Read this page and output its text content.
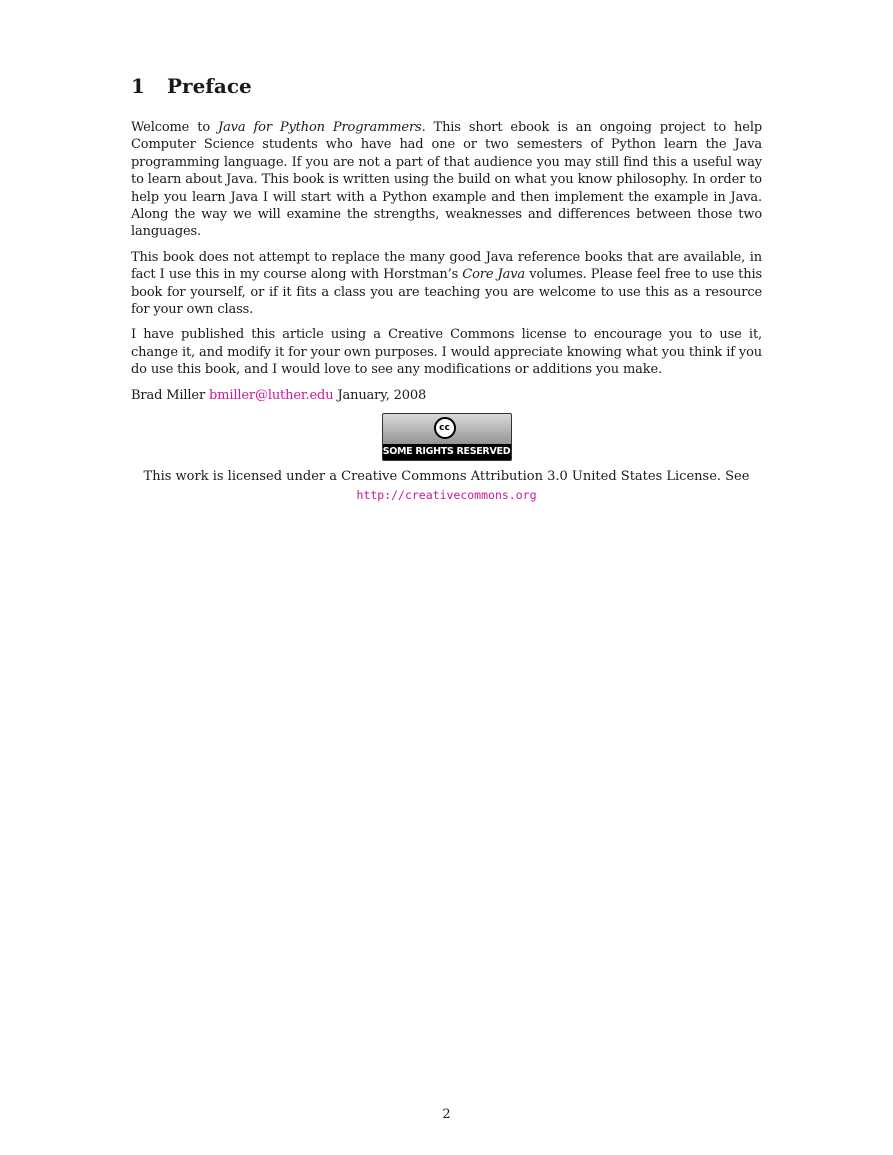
1 Preface

Welcome to Java for Python Programmers. This short ebook is an ongoing project to help Computer Science students who have had one or two semesters of Python learn the Java programming language. If you are not a part of that audience you may still find this a useful way to learn about Java. This book is written using the build on what you know philosophy. In order to help you learn Java I will start with a Python example and then implement the example in Java. Along the way we will examine the strengths, weaknesses and differences between those two languages.

This book does not attempt to replace the many good Java reference books that are available, in fact I use this in my course along with Horstman’s Core Java volumes. Please feel free to use this book for yourself, or if it fits a class you are teaching you are welcome to use this as a resource for your own class.

I have published this article using a Creative Commons license to encourage you to use it, change it, and modify it for your own purposes. I would appreciate knowing what you think if you do use this book, and I would love to see any modifications or additions you make.

Brad Miller bmiller@luther.edu January, 2008

cc
SOME RIGHTS RESERVED

This work is licensed under a Creative Commons Attribution 3.0 United States License. See
http://creativecommons.org

2
